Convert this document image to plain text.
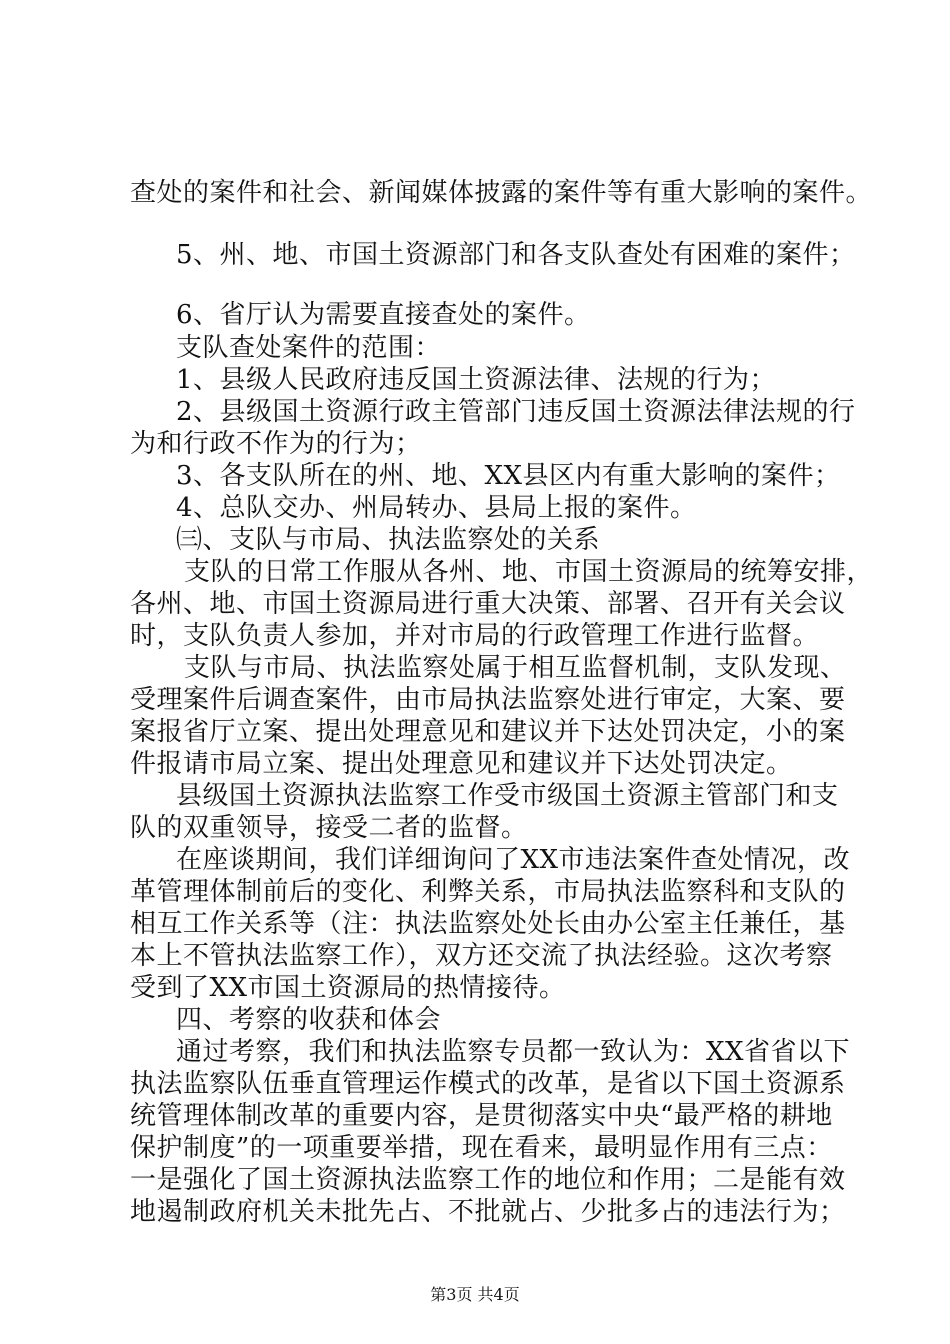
查处的案件和社会、新闻媒体披露的案件等有重大影响的案件。
5、州、地、市国土资源部门和各支队查处有困难的案件；
6、省厅认为需要直接查处的案件。
支队查处案件的范围：
1、县级人民政府违反国土资源法律、法规的行为；
2、县级国土资源行政主管部门违反国土资源法律法规的行
为和行政不作为的行为；
3、各支队所在的州、地、XX县区内有重大影响的案件；
4、总队交办、州局转办、县局上报的案件。
㈢、支队与市局、执法监察处的关系
支队的日常工作服从各州、地、市国土资源局的统筹安排，
各州、地、市国土资源局进行重大决策、部署、召开有关会议
时，支队负责人参加，并对市局的行政管理工作进行监督。
支队与市局、执法监察处属于相互监督机制，支队发现、
受理案件后调查案件，由市局执法监察处进行审定，大案、要
案报省厅立案、提出处理意见和建议并下达处罚决定，小的案
件报请市局立案、提出处理意见和建议并下达处罚决定。
县级国土资源执法监察工作受市级国土资源主管部门和支
队的双重领导，接受二者的监督。
在座谈期间，我们详细询问了XX市违法案件查处情况，改
革管理体制前后的变化、利弊关系，市局执法监察科和支队的
相互工作关系等（注：执法监察处处长由办公室主任兼任，基
本上不管执法监察工作），双方还交流了执法经验。这次考察
受到了XX市国土资源局的热情接待。
四、考察的收获和体会
通过考察，我们和执法监察专员都一致认为：XX省省以下
执法监察队伍垂直管理运作模式的改革，是省以下国土资源系
统管理体制改革的重要内容，是贯彻落实中央“最严格的耕地
保护制度”的一项重要举措，现在看来，最明显作用有三点：
一是强化了国土资源执法监察工作的地位和作用；二是能有效
地遏制政府机关未批先占、不批就占、少批多占的违法行为；
第3页 共4页
